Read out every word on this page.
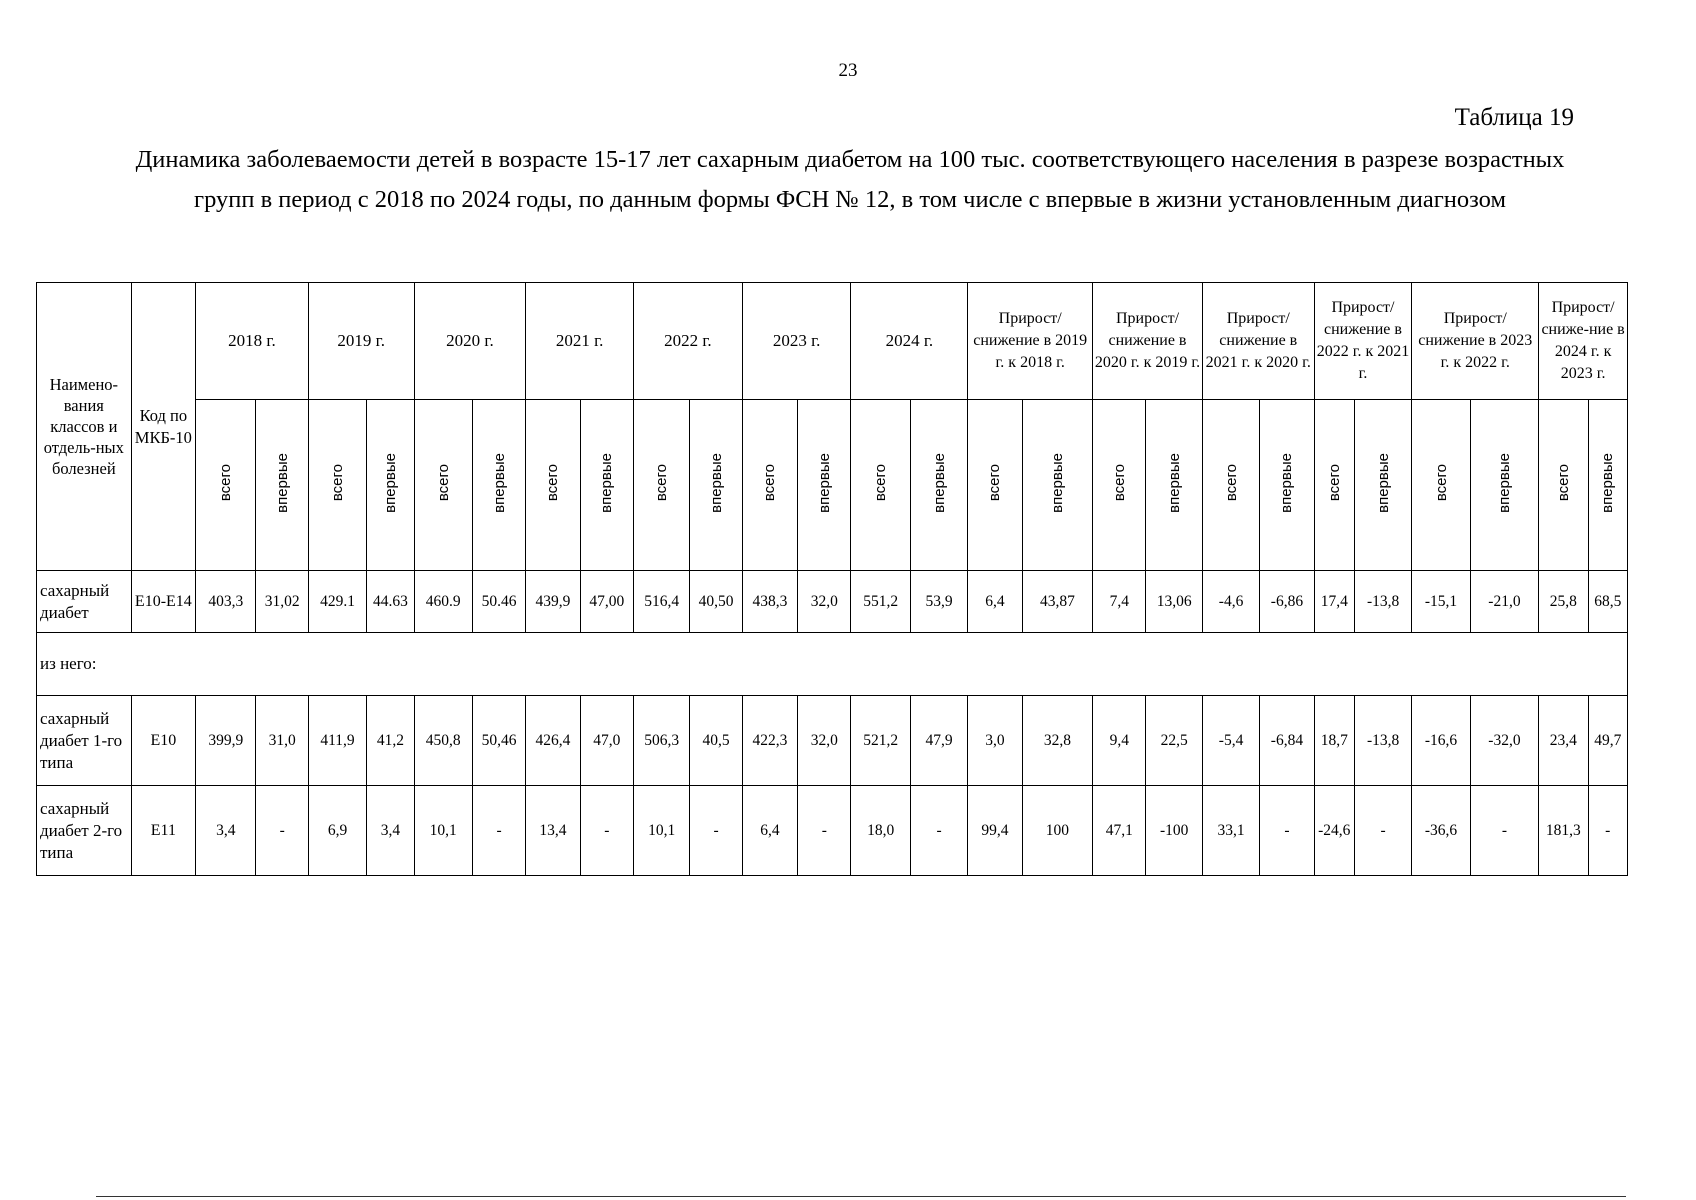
23
Таблица 19
Динамика заболеваемости детей в возрасте 15-17 лет сахарным диабетом на 100 тыс. соответствующего населения в разрезе возрастных групп в период с 2018 по 2024 годы, по данным формы ФСН № 12, в том числе с впервые в жизни установленным диагнозом
Наимено-вания классов и отдель-ных болезней	Код по МКБ-10	2018 г.		2019 г.		2020 г.		2021 г.		2022 г.		2023 г.		2024 г.		Прирост/ снижение в 2019 г. к 2018 г.		Прирост/ снижение в 2020 г. к 2019 г.		Прирост/ снижение в 2021 г. к 2020 г.		Прирост/ снижение в 2022 г. к 2021 г.		Прирост/ снижение в 2023 г. к 2022 г.		Прирост/ сниже-ние в 2024 г. к 2023 г.	
		всего	впервые	всего	впервые	всего	впервые	всего	впервые	всего	впервые	всего	впервые	всего	впервые	всего	впервые	всего	впервые	всего	впервые	всего	впервые	всего	впервые	всего	впервые
сахарный диабет	E10-E14	403,3	31,02	429.1	44.63	460.9	50.46	439,9	47,00	516,4	40,50	438,3	32,0	551,2	53,9	6,4	43,87	7,4	13,06	-4,6	-6,86	17,4	-13,8	-15,1	-21,0	25,8	68,5
из него:																											
сахарный диабет 1-го типа	E10	399,9	31,0	411,9	41,2	450,8	50,46	426,4	47,0	506,3	40,5	422,3	32,0	521,2	47,9	3,0	32,8	9,4	22,5	-5,4	-6,84	18,7	-13,8	-16,6	-32,0	23,4	49,7
сахарный диабет 2-го типа	E11	3,4	-	6,9	3,4	10,1	-	13,4	-	10,1	-	6,4	-	18,0	-	99,4	100	47,1	-100	33,1	-	-24,6	-	-36,6	-	181,3	-
